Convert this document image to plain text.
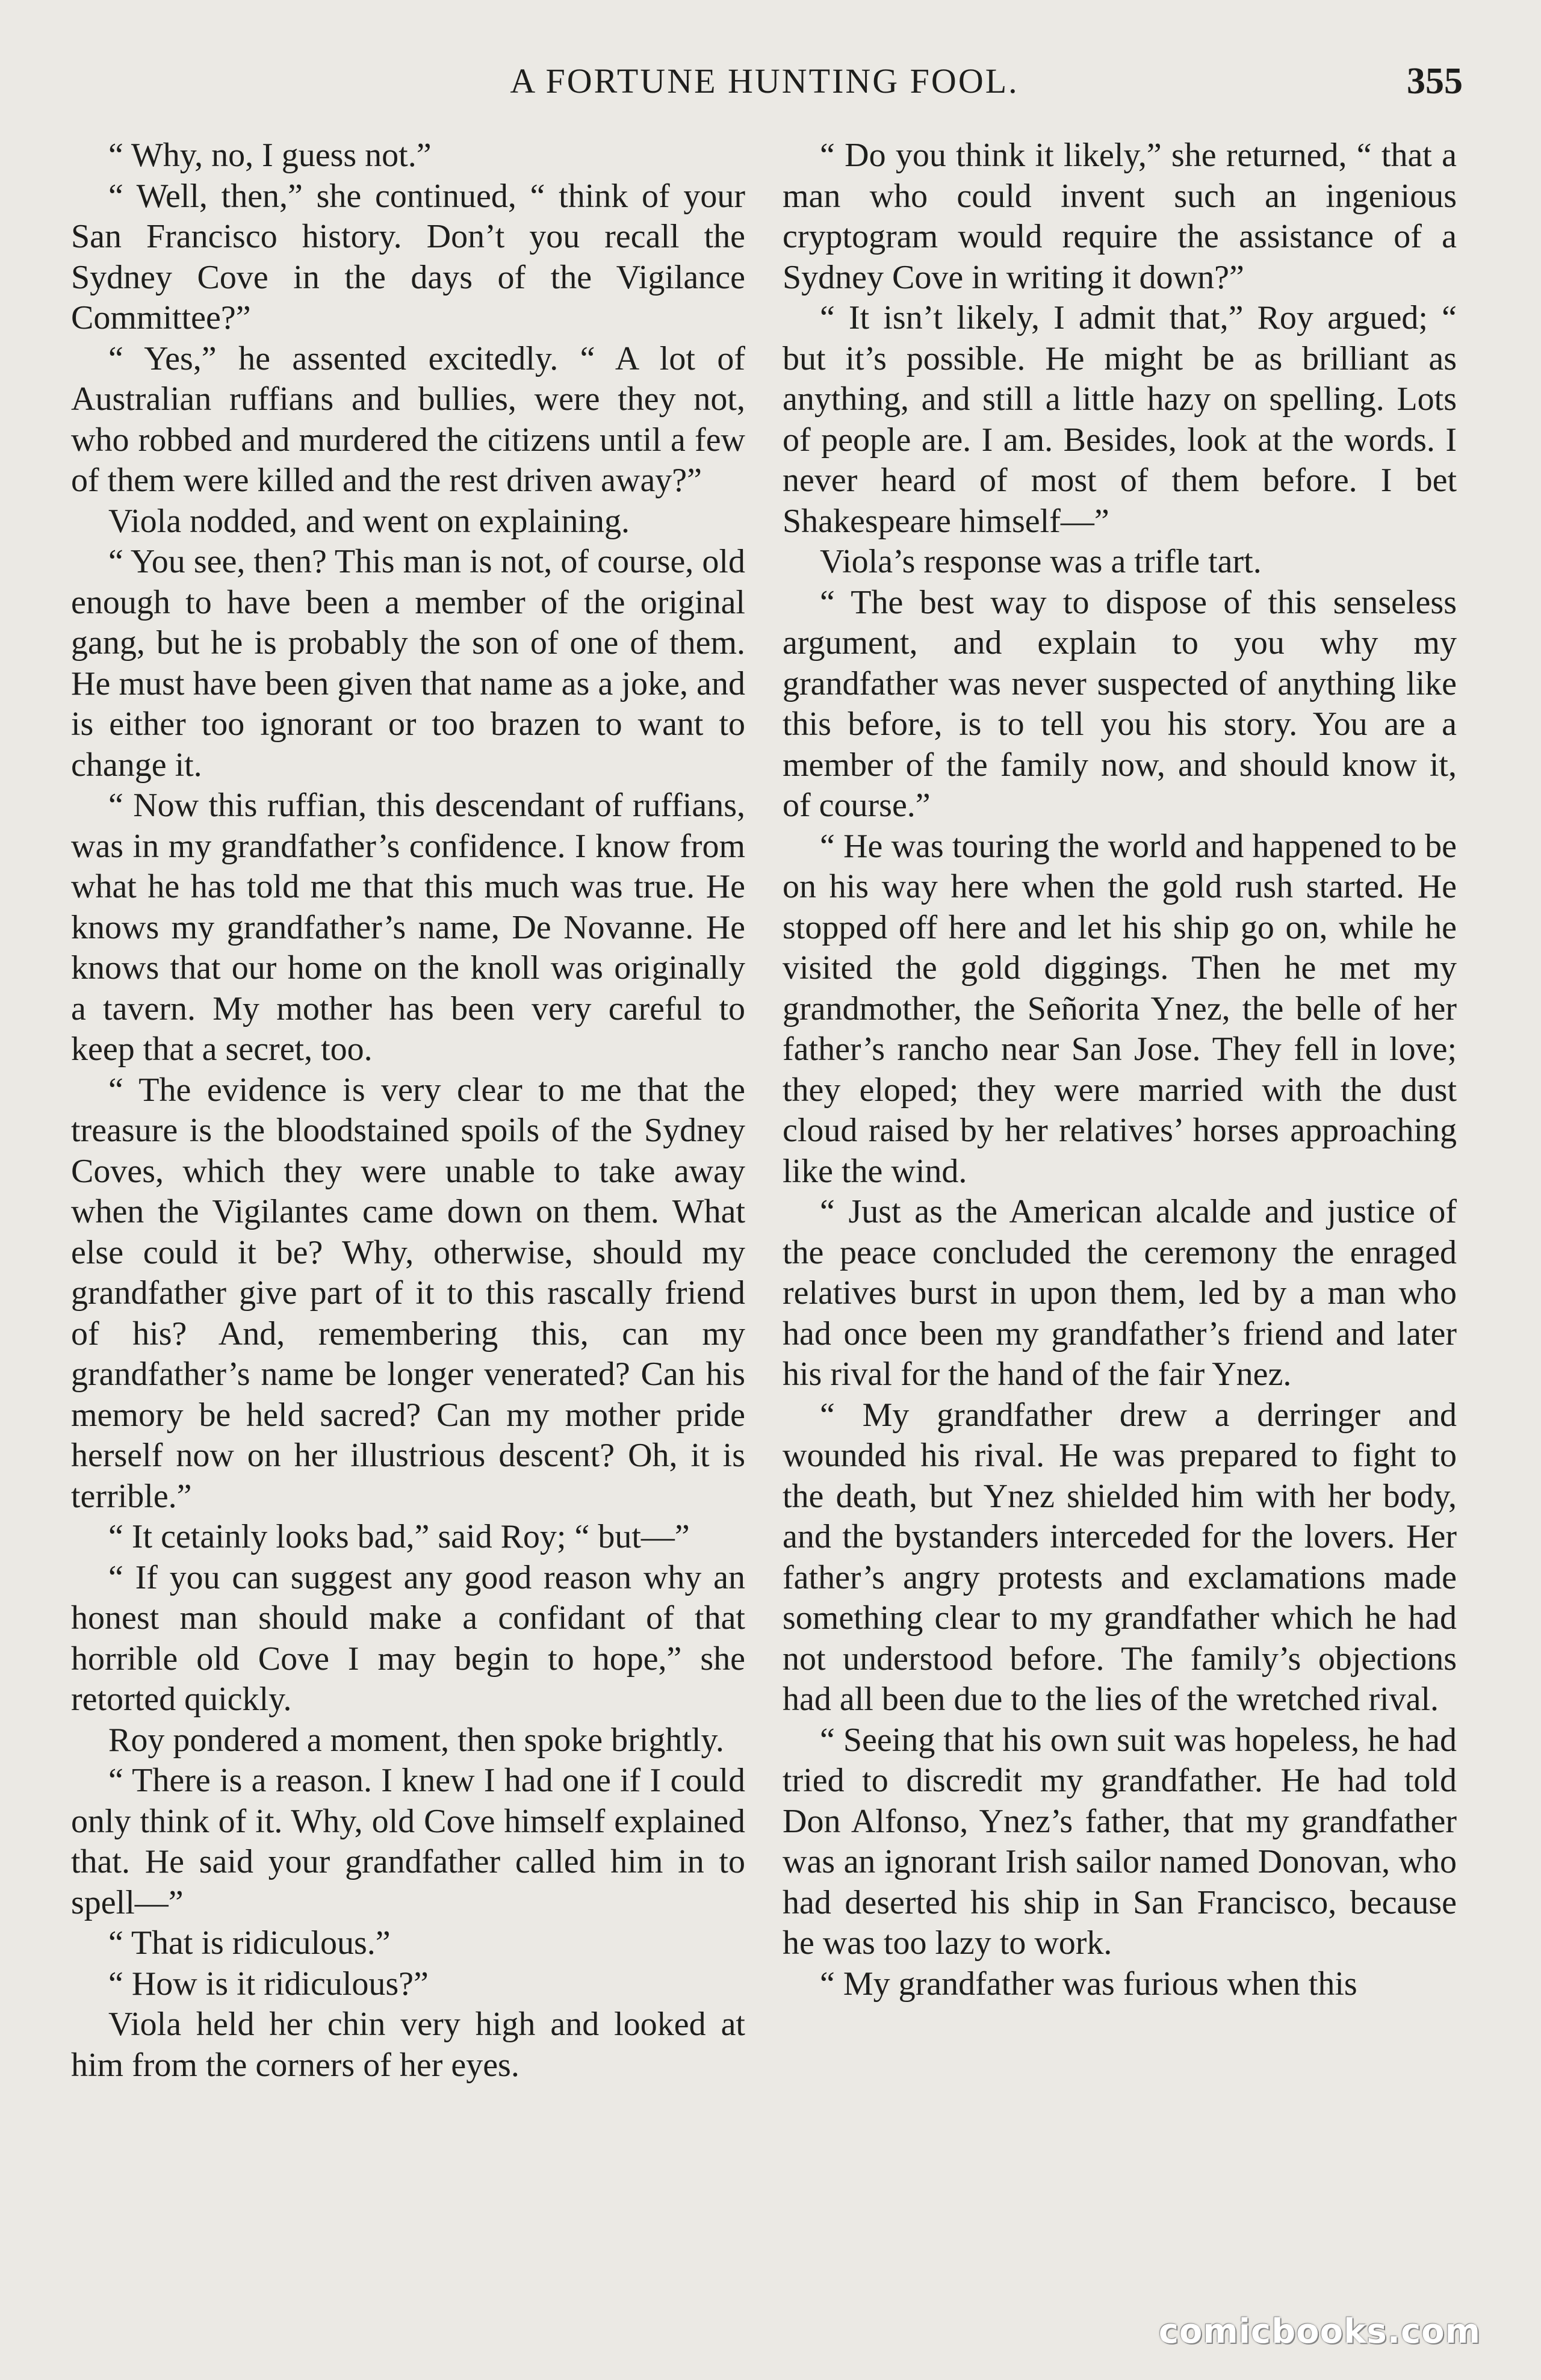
A FORTUNE HUNTING FOOL.	355

“ Why, no, I guess not.”

“ Well, then,” she continued, “ think of your San Francisco history. Don’t you recall the Sydney Cove in the days of the Vigilance Committee?”

“ Yes,” he assented excitedly. “ A lot of Australian ruffians and bullies, were they not, who robbed and murdered the citizens until a few of them were killed and the rest driven away?”

Viola nodded, and went on explaining.

“ You see, then? This man is not, of course, old enough to have been a member of the original gang, but he is probably the son of one of them. He must have been given that name as a joke, and is either too ignorant or too brazen to want to change it.

“ Now this ruffian, this descendant of ruffians, was in my grandfather’s confidence. I know from what he has told me that this much was true. He knows my grandfather’s name, De Novanne. He knows that our home on the knoll was originally a tavern. My mother has been very careful to keep that a secret, too.

“ The evidence is very clear to me that the treasure is the bloodstained spoils of the Sydney Coves, which they were unable to take away when the Vigilantes came down on them. What else could it be? Why, otherwise, should my grandfather give part of it to this rascally friend of his? And, remembering this, can my grandfather’s name be longer venerated? Can his memory be held sacred? Can my mother pride herself now on her illustrious descent? Oh, it is terrible.”

“ It cetainly looks bad,” said Roy; “ but—”

“ If you can suggest any good reason why an honest man should make a confidant of that horrible old Cove I may begin to hope,” she retorted quickly.

Roy pondered a moment, then spoke brightly.

“ There is a reason. I knew I had one if I could only think of it. Why, old Cove himself explained that. He said your grandfather called him in to spell—”

“ That is ridiculous.”

“ How is it ridiculous?”

Viola held her chin very high and looked at him from the corners of her eyes.

“ Do you think it likely,” she returned, “ that a man who could invent such an ingenious cryptogram would require the assistance of a Sydney Cove in writing it down?”

“ It isn’t likely, I admit that,” Roy argued; “ but it’s possible. He might be as brilliant as anything, and still a little hazy on spelling. Lots of people are. I am. Besides, look at the words. I never heard of most of them before. I bet Shakespeare himself—”

Viola’s response was a trifle tart.

“ The best way to dispose of this senseless argument, and explain to you why my grandfather was never suspected of anything like this before, is to tell you his story. You are a member of the family now, and should know it, of course.”

“ He was touring the world and happened to be on his way here when the gold rush started. He stopped off here and let his ship go on, while he visited the gold diggings. Then he met my grandmother, the Señorita Ynez, the belle of her father’s rancho near San Jose. They fell in love; they eloped; they were married with the dust cloud raised by her relatives’ horses approaching like the wind.

“ Just as the American alcalde and justice of the peace concluded the ceremony the enraged relatives burst in upon them, led by a man who had once been my grandfather’s friend and later his rival for the hand of the fair Ynez.

“ My grandfather drew a derringer and wounded his rival. He was prepared to fight to the death, but Ynez shielded him with her body, and the bystanders interceded for the lovers. Her father’s angry protests and exclamations made something clear to my grandfather which he had not understood before. The family’s objections had all been due to the lies of the wretched rival.

“ Seeing that his own suit was hopeless, he had tried to discredit my grandfather. He had told Don Alfonso, Ynez’s father, that my grandfather was an ignorant Irish sailor named Donovan, who had deserted his ship in San Francisco, because he was too lazy to work.

“ My grandfather was furious when this

comicbooks.com
